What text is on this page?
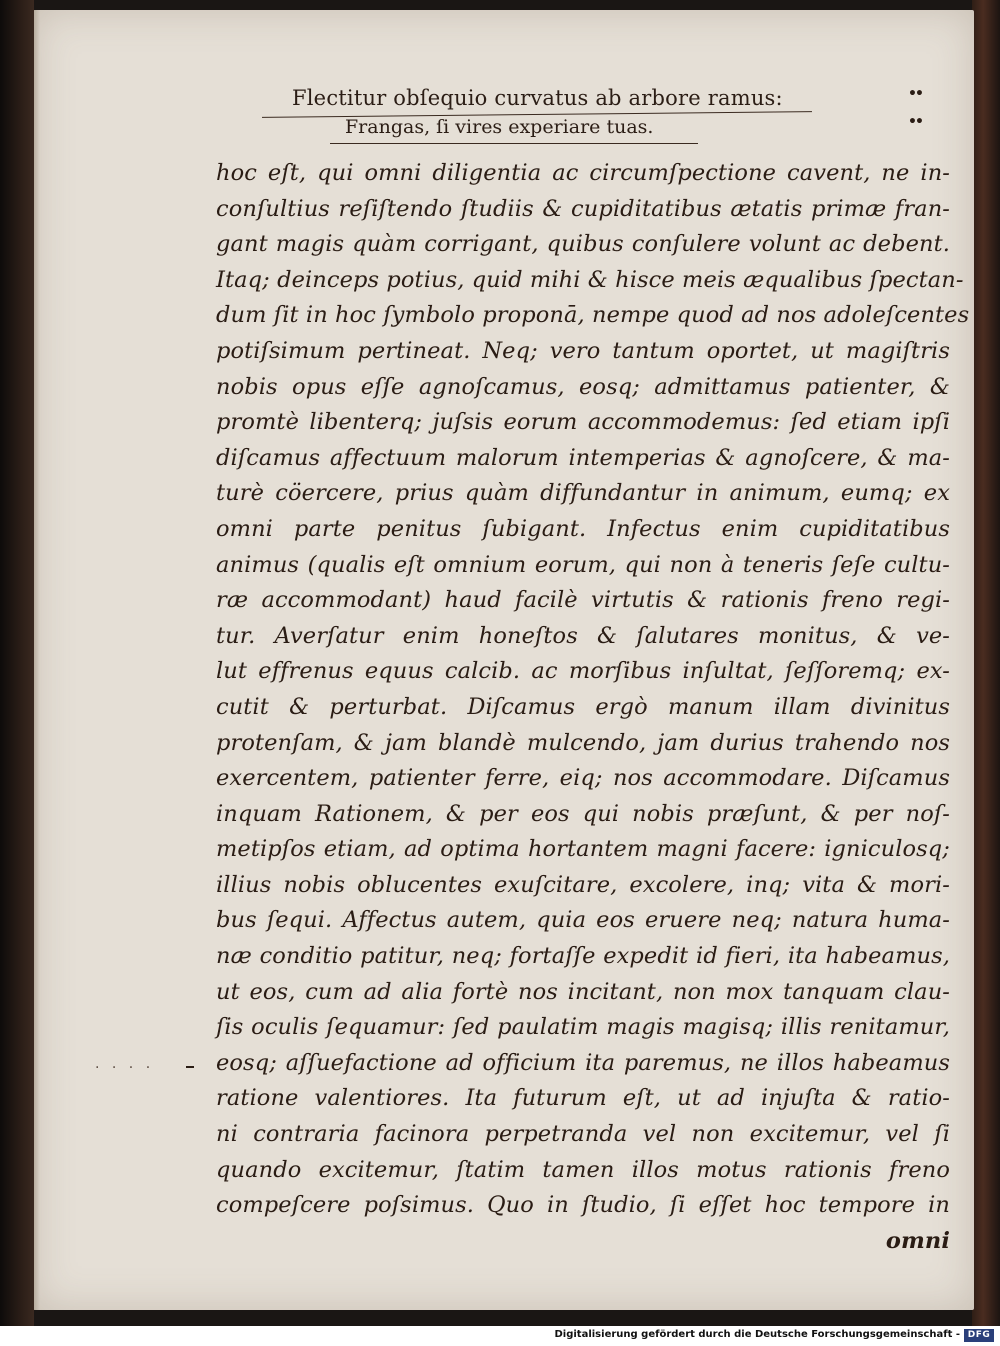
Flectitur obſequio curvatus ab arbore ramus:
Frangas, ſi vires experiare tuas.
••
••
hoc eſt, qui omni diligentia ac circumſpectione cavent, ne in-
conſultius reſiſtendo ſtudiis & cupiditatibus ætatis primæ fran-
gant magis quàm corrigant, quibus conſulere volunt ac debent.
Itaq; deinceps potius, quid mihi & hisce meis æqualibus ſpectan-
dum ſit in hoc ſymbolo proponā, nempe quod ad nos adoleſcentes
potiſsimum pertineat. Neq; vero tantum oportet, ut magiſtris
nobis opus eſſe agnoſcamus, eosq; admittamus patienter, &
promtè libenterq; juſsis eorum accommodemus: ſed etiam ipſi
diſcamus affectuum malorum intemperias & agnoſcere, & ma-
turè cöercere, prius quàm diffundantur in animum, eumq; ex
omni parte penitus ſubigant. Infectus enim cupiditatibus
animus (qualis eſt omnium eorum, qui non à teneris ſeſe cultu-
ræ accommodant) haud facilè virtutis & rationis freno regi-
tur. Averſatur enim honeſtos & ſalutares monitus, & ve-
lut effrenus equus calcib. ac morſibus inſultat, ſeſſoremq; ex-
cutit & perturbat. Diſcamus ergò manum illam divinitus
protenſam, & jam blandè mulcendo, jam durius trahendo nos
exercentem, patienter ferre, eiq; nos accommodare. Diſcamus
inquam Rationem, & per eos qui nobis præſunt, & per noſ-
metipſos etiam, ad optima hortantem magni facere: igniculosq;
illius nobis oblucentes exuſcitare, excolere, inq; vita & mori-
bus ſequi. Affectus autem, quia eos eruere neq; natura huma-
næ conditio patitur, neq; fortaſſe expedit id fieri, ita habeamus,
ut eos, cum ad alia fortè nos incitant, non mox tanquam clau-
ſis oculis ſequamur: ſed paulatim magis magisq; illis renitamur,
eosq; aſſuefactione ad officium ita paremus, ne illos habeamus
ratione valentiores. Ita futurum eſt, ut ad injuſta & ratio-
ni contraria facinora perpetranda vel non excitemur, vel ſi
quando excitemur, ſtatim tamen illos motus rationis freno
compeſcere poſsimus. Quo in ſtudio, ſi eſſet hoc tempore in
omni
. . . .
Digitalisierung gefördert durch die Deutsche Forschungsgemeinschaft - DFG
